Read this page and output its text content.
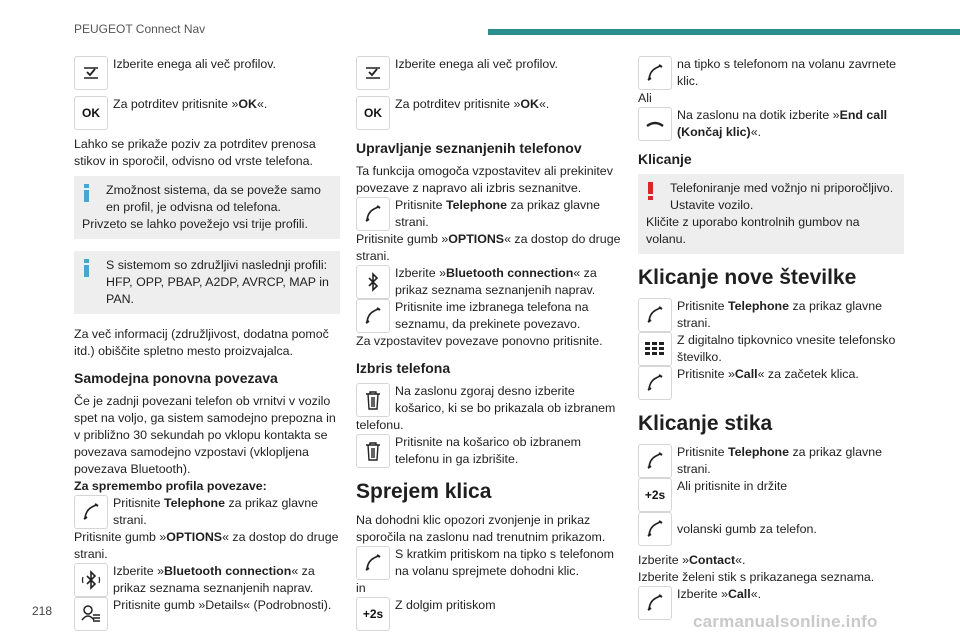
PEUGEOT Connect Nav

Izberite enega ali več profilov.

OK

Za potrditev pritisnite »OK«.

Lahko se prikaže poziv za potrditev prenosa stikov in sporočil, odvisno od vrste telefona.

Zmožnost sistema, da se poveže samo en profil, je odvisna od telefona.

Privzeto se lahko povežejo vsi trije profili.

S sistemom so združljivi naslednji profili: HFP, OPP, PBAP, A2DP, AVRCP, MAP in PAN.

Za več informacij (združljivost, dodatna pomoč itd.) obiščite spletno mesto proizvajalca.

Samodejna ponovna povezava

Če je zadnji povezani telefon ob vrnitvi v vozilo spet na voljo, ga sistem samodejno prepozna in v približno 30 sekundah po vklopu kontakta se povezava samodejno vzpostavi (vklopljena povezava Bluetooth).

Za spremembo profila povezave:

Pritisnite Telephone za prikaz glavne strani.

Pritisnite gumb »OPTIONS« za dostop do druge strani.

Izberite »Bluetooth connection« za prikaz seznama seznanjenih naprav.

Pritisnite gumb »Details« (Podrobnosti).

Izberite enega ali več profilov.

OK

Za potrditev pritisnite »OK«.

Upravljanje seznanjenih telefonov

Ta funkcija omogoča vzpostavitev ali prekinitev povezave z napravo ali izbris seznanitve.

Pritisnite Telephone za prikaz glavne strani.

Pritisnite gumb »OPTIONS« za dostop do druge strani.

Izberite »Bluetooth connection« za prikaz seznama seznanjenih naprav.

Pritisnite ime izbranega telefona na seznamu, da prekinete povezavo.

Za vzpostavitev povezave ponovno pritisnite.

Izbris telefona

Na zaslonu zgoraj desno izberite košarico, ki se bo prikazala ob izbranem

telefonu.

Pritisnite na košarico ob izbranem telefonu in ga izbrišite.

Sprejem klica

Na dohodni klic opozori zvonjenje in prikaz sporočila na zaslonu nad trenutnim prikazom.

S kratkim pritiskom na tipko s telefonom na volanu sprejmete dohodni klic.

in

+2s

Z dolgim pritiskom

na tipko s telefonom na volanu zavrnete klic.

Ali

Na zaslonu na dotik izberite »End call (Končaj klic)«.

Klicanje

Telefoniranje med vožnjo ni priporočljivo. Ustavite vozilo.

Kličite z uporabo kontrolnih gumbov na volanu.

Klicanje nove številke

Pritisnite Telephone za prikaz glavne strani.

Z digitalno tipkovnico vnesite telefonsko številko.

Pritisnite »Call« za začetek klica.

Klicanje stika

Pritisnite Telephone za prikaz glavne strani.

+2s

Ali pritisnite in držite

volanski gumb za telefon.

Izberite »Contact«.

Izberite želeni stik s prikazanega seznama.

Izberite »Call«.

218
carmanualsonline.info
